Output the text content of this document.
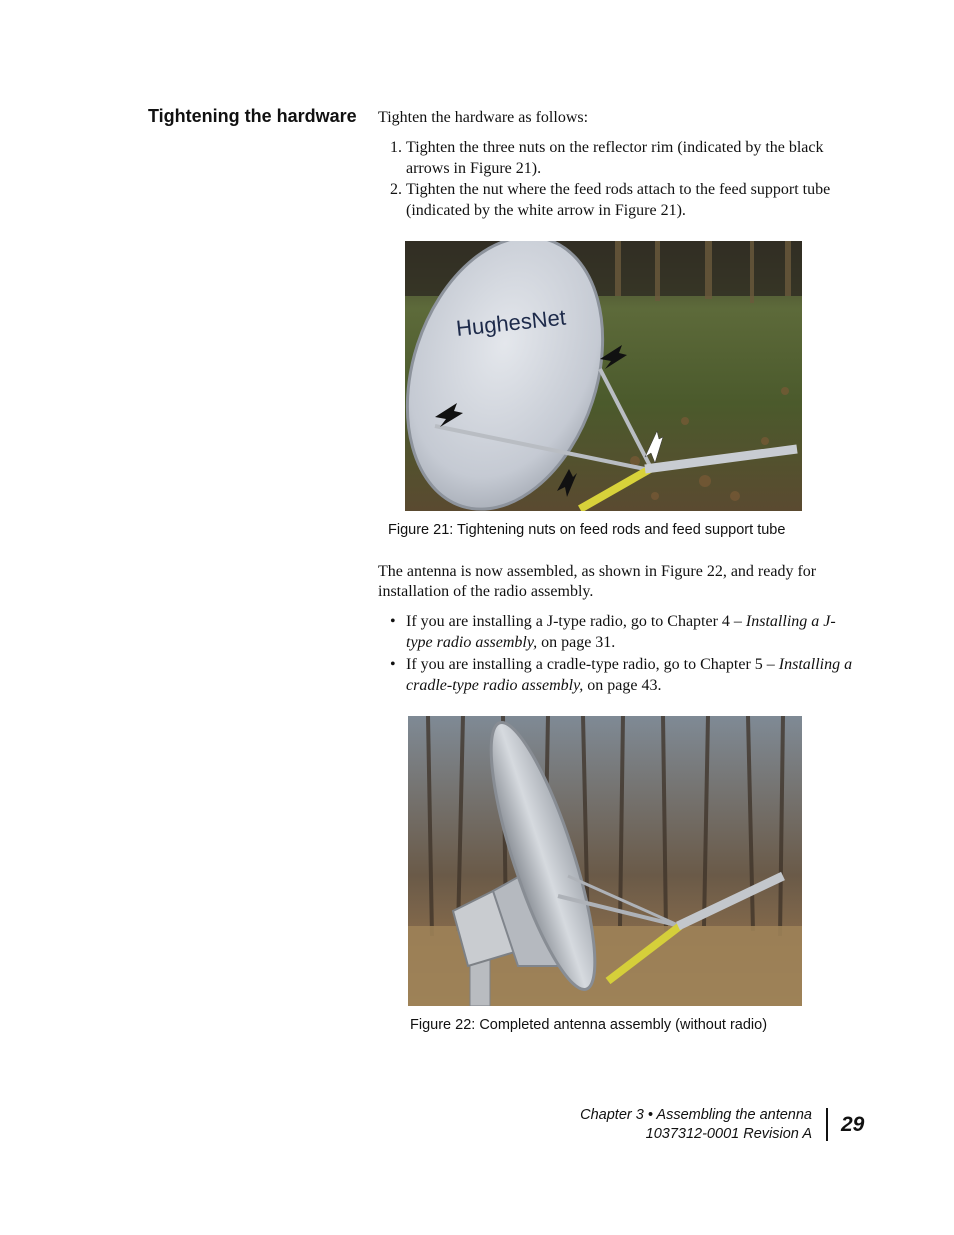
Tightening the hardware Tighten the hardware as follows:
1. Tighten the three nuts on the reflector rim (indicated by the black arrows in Figure 21).
2. Tighten the nut where the feed rods attach to the feed support tube (indicated by the white arrow in Figure 21).
HughesNet
Figure 21: Tightening nuts on feed rods and feed support tube
The antenna is now assembled, as shown in Figure 22, and ready for installation of the radio assembly.
• If you are installing a J-type radio, go to Chapter 4 – Installing a J-type radio assembly, on page 31.
• If you are installing a cradle-type radio, go to Chapter 5 – Installing a cradle-type radio assembly, on page 43.
Figure 22: Completed antenna assembly (without radio)
Chapter 3 • Assembling the antenna
1037312-0001 Revision A 29
